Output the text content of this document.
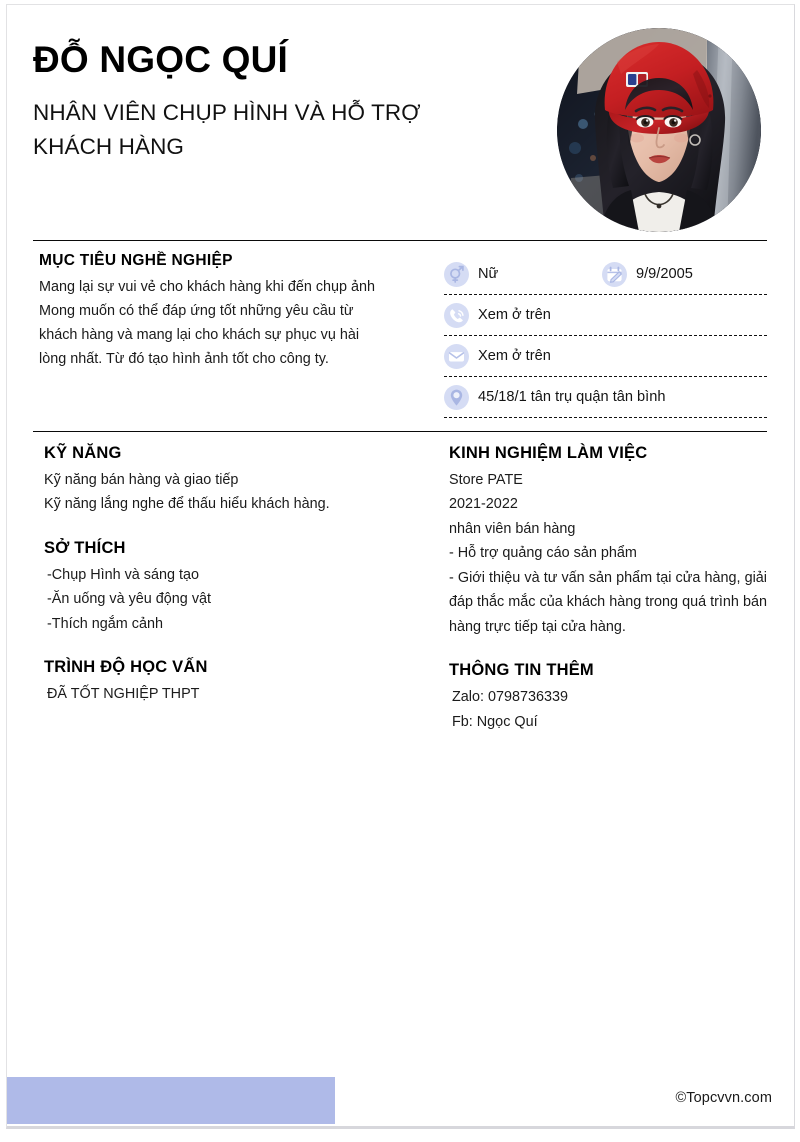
ĐỖ NGỌC QUÍ
NHÂN VIÊN CHỤP HÌNH VÀ HỖ TRỢ
KHÁCH HÀNG
MỤC TIÊU NGHỀ NGHIỆP

Mang lại sự vui vẻ cho khách hàng khi đến chụp ảnh

Mong muốn có thể đáp ứng tốt những yêu cầu từ

khách hàng và mang lại cho khách sự phục vụ hài

lòng nhất. Từ đó tạo hình ảnh tốt cho công ty.

Nữ	9/9/2005
Xem ở trên
Xem ở trên
45/18/1 tân trụ quận tân bình
KỸ NĂNG

Kỹ năng bán hàng và giao tiếp

Kỹ năng lắng nghe để thấu hiểu khách hàng.

SỞ THÍCH

-Chụp Hình và sáng tạo

-Ăn uống và yêu động vật

-Thích ngắm cảnh

TRÌNH ĐỘ HỌC VẤN

ĐÃ TỐT NGHIỆP THPT

KINH NGHIỆM LÀM VIỆC

Store PATE

2021-2022

nhân viên bán hàng

- Hỗ trợ quảng cáo sản phẩm

- Giới thiệu và tư vấn sản phẩm tại cửa hàng, giải đáp thắc mắc của khách hàng trong quá trình bán hàng trực tiếp tại cửa hàng.

THÔNG TIN THÊM

Zalo: 0798736339

Fb: Ngọc Quí

©Topcvvn.com
